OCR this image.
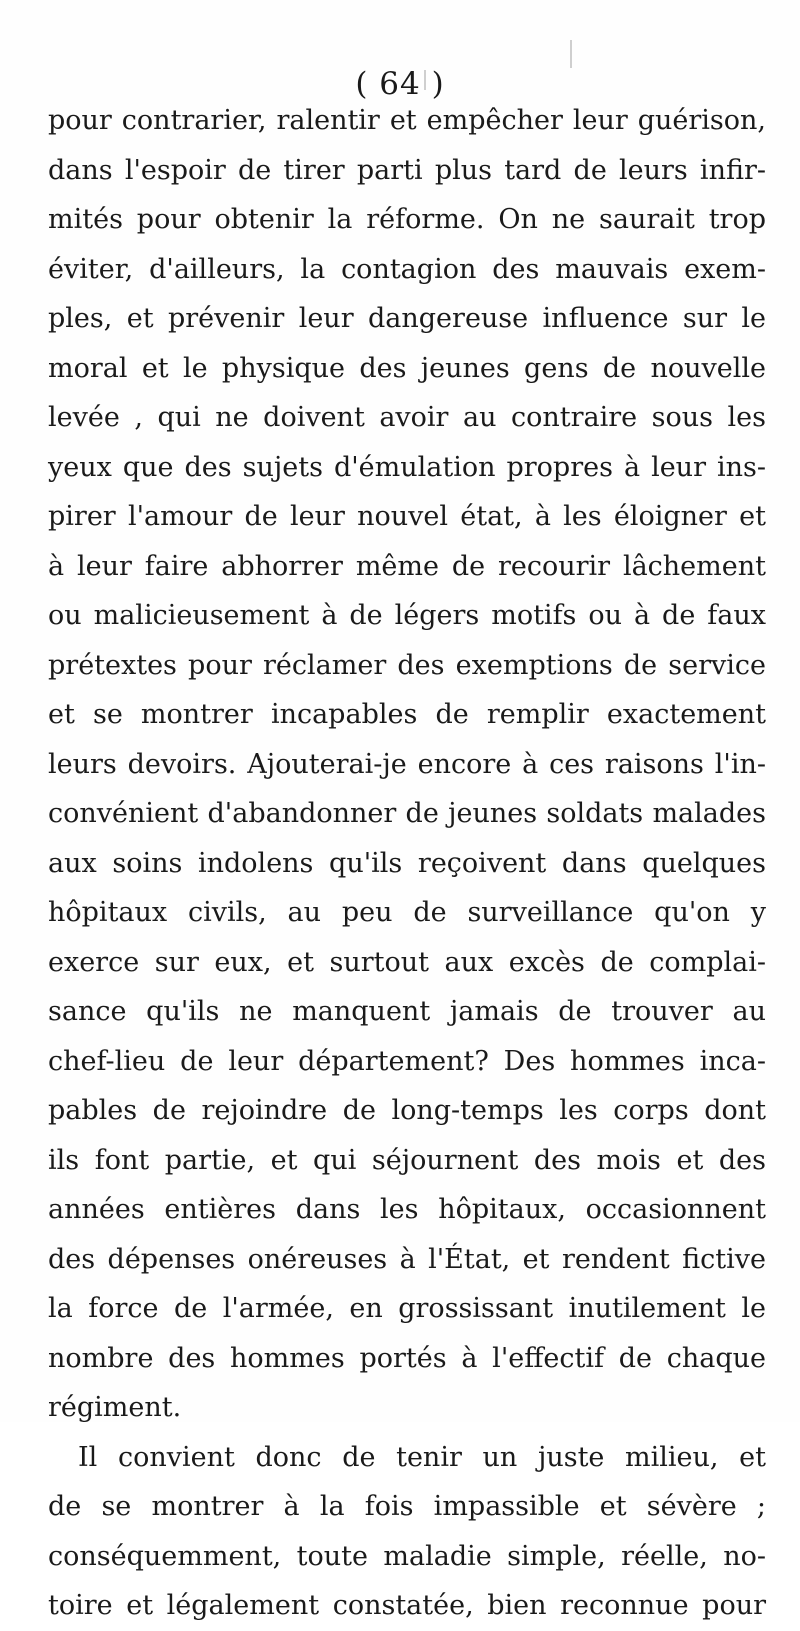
( 64 )
pour contrarier, ralentir et empêcher leur guérison,
dans l'espoir de tirer parti plus tard de leurs infir-
mités pour obtenir la réforme. On ne saurait trop
éviter, d'ailleurs, la contagion des mauvais exem-
ples, et prévenir leur dangereuse influence sur le
moral et le physique des jeunes gens de nouvelle
levée , qui ne doivent avoir au contraire sous les
yeux que des sujets d'émulation propres à leur ins-
pirer l'amour de leur nouvel état, à les éloigner et
à leur faire abhorrer même de recourir lâchement
ou malicieusement à de légers motifs ou à de faux
prétextes pour réclamer des exemptions de service
et se montrer incapables de remplir exactement
leurs devoirs. Ajouterai-je encore à ces raisons l'in-
convénient d'abandonner de jeunes soldats malades
aux soins indolens qu'ils reçoivent dans quelques
hôpitaux civils, au peu de surveillance qu'on y
exerce sur eux, et surtout aux excès de complai-
sance qu'ils ne manquent jamais de trouver au
chef-lieu de leur département? Des hommes inca-
pables de rejoindre de long-temps les corps dont
ils font partie, et qui séjournent des mois et des
années entières dans les hôpitaux, occasionnent
des dépenses onéreuses à l'État, et rendent fictive
la force de l'armée, en grossissant inutilement le
nombre des hommes portés à l'effectif de chaque
régiment.
Il convient donc de tenir un juste milieu, et
de se montrer à la fois impassible et sévère ;
conséquemment, toute maladie simple, réelle, no-
toire et légalement constatée, bien reconnue pour
